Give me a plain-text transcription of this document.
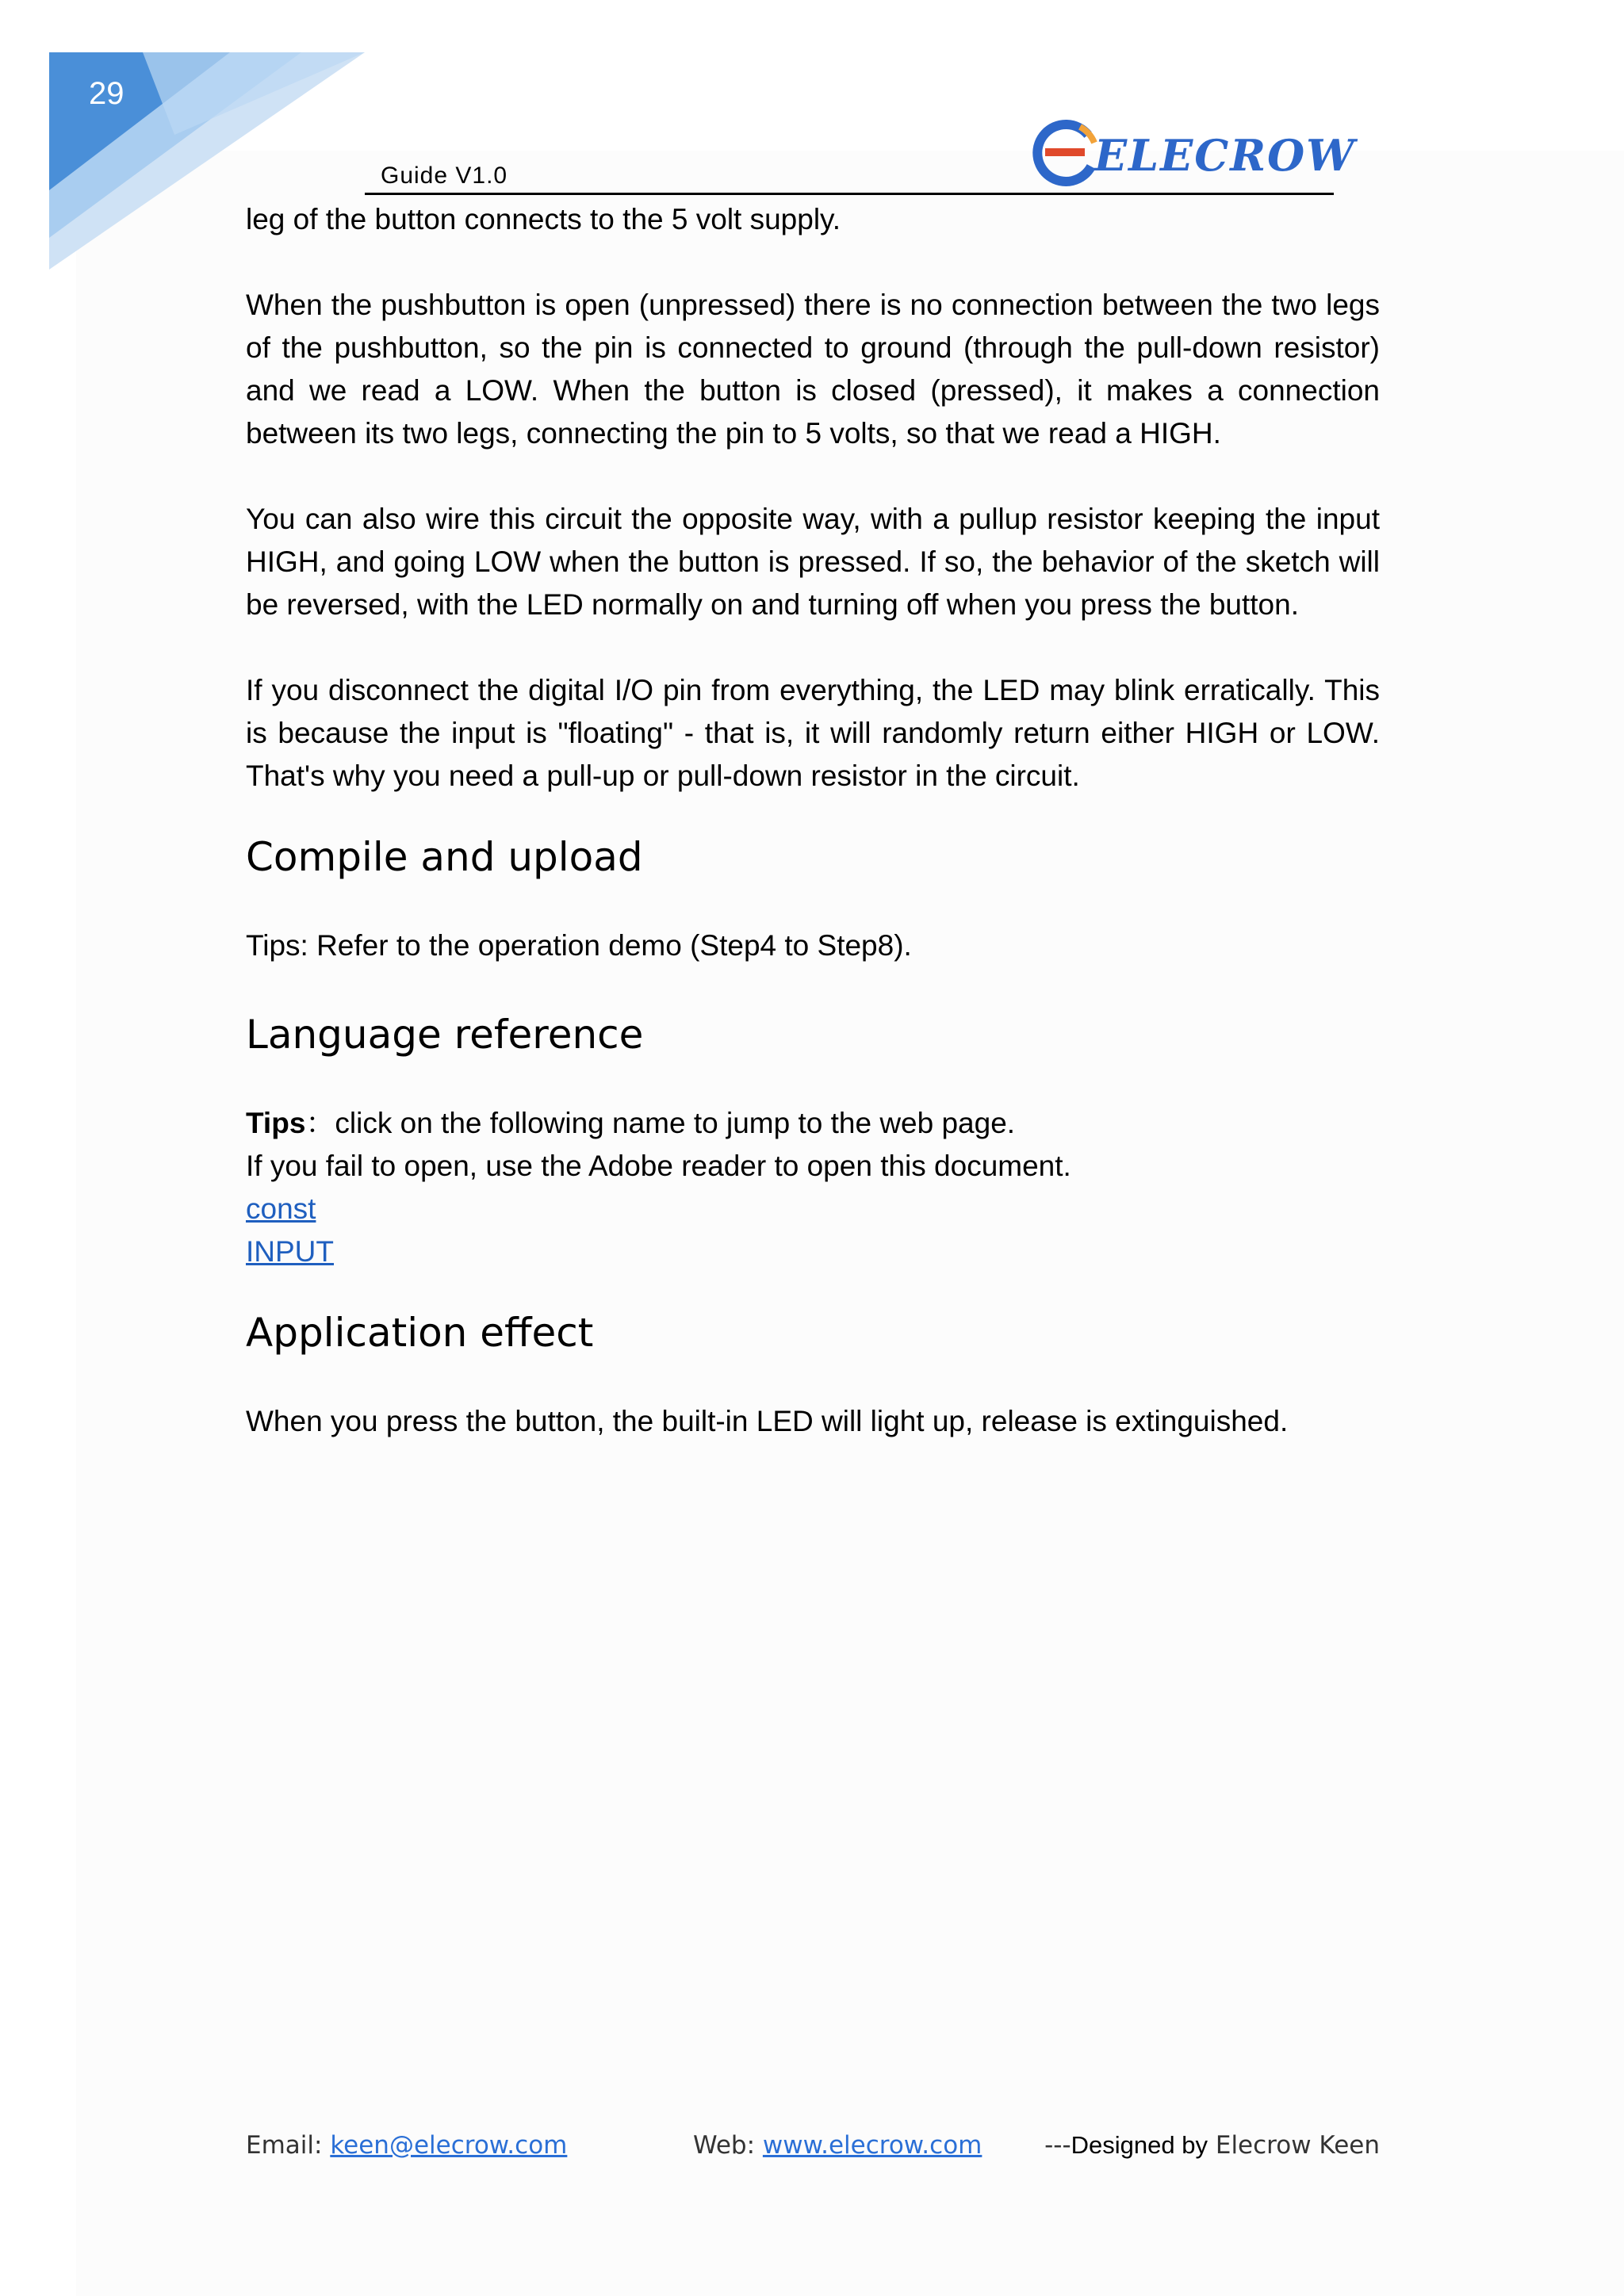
29
Guide V1.0	ELECROW

leg of the button connects to the 5 volt supply.

When the pushbutton is open (unpressed) there is no connection between the two legs of the pushbutton, so the pin is connected to ground (through the pull-down resistor) and we read a LOW. When the button is closed (pressed), it makes a connection between its two legs, connecting the pin to 5 volts, so that we read a HIGH.

You can also wire this circuit the opposite way, with a pullup resistor keeping the input HIGH, and going LOW when the button is pressed. If so, the behavior of the sketch will be reversed, with the LED normally on and turning off when you press the button.

If you disconnect the digital I/O pin from everything, the LED may blink erratically. This is because the input is "floating" - that is, it will randomly return either HIGH or LOW. That's why you need a pull-up or pull-down resistor in the circuit.

Compile and upload

Tips: Refer to the operation demo (Step4 to Step8).

Language reference

Tips：click on the following name to jump to the web page.

If you fail to open, use the Adobe reader to open this document.

const
INPUT
Application effect

When you press the button, the built-in LED will light up, release is extinguished.

Email: keen@elecrow.com	Web: www.elecrow.com	---Designed by Elecrow Keen
